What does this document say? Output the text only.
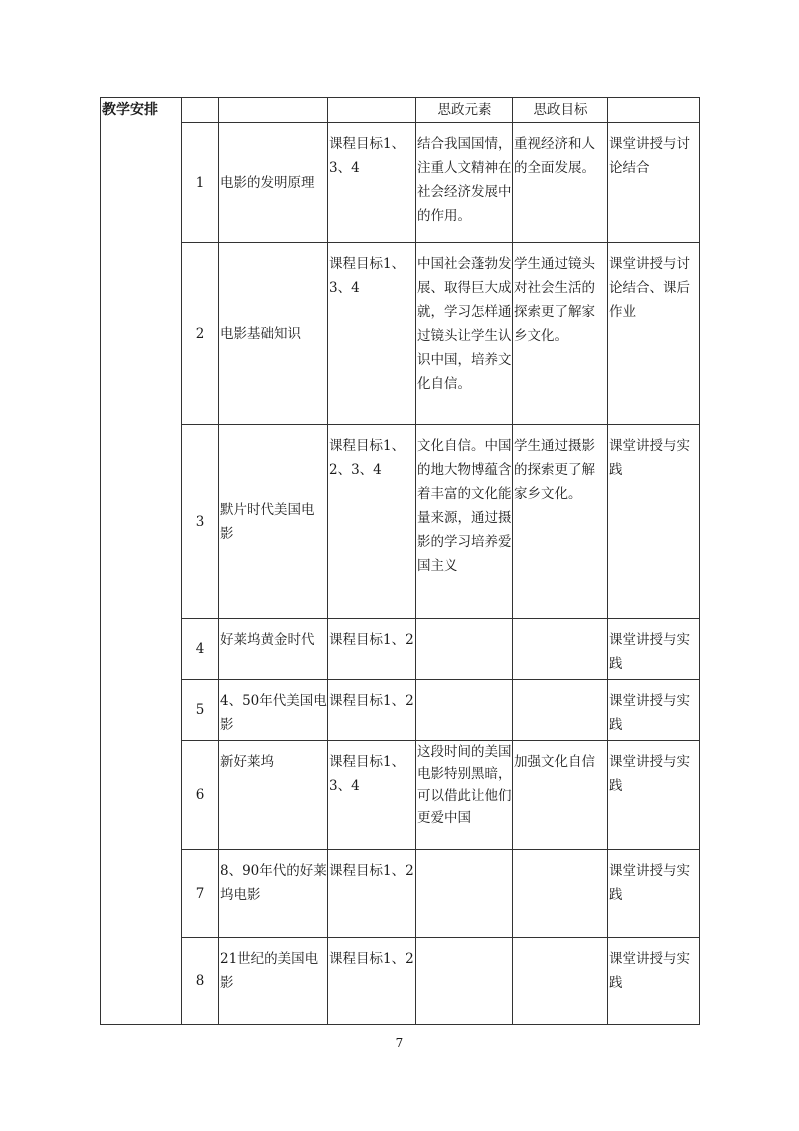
教学安排				思政元素	思政目标	
	1	电影的发明原理	课程目标1、3、4	结合我国国情，注重人文精神在社会经济发展中的作用。	重视经济和人的全面发展。	课堂讲授与讨论结合
	2	电影基础知识	课程目标1、3、4	中国社会蓬勃发展、取得巨大成就，学习怎样通过镜头让学生认识中国，培养文化自信。	学生通过镜头对社会生活的探索更了解家乡文化。	课堂讲授与讨论结合、课后作业
	3	默片时代美国电影	课程目标1、2、3、4	文化自信。中国的地大物博蕴含着丰富的文化能量来源，通过摄影的学习培养爱国主义	学生通过摄影的探索更了解家乡文化。	课堂讲授与实践
	4	好莱坞黄金时代	课程目标1、2			课堂讲授与实践
	5	4、50年代美国电影	课程目标1、2			课堂讲授与实践
	6	新好莱坞	课程目标1、3、4	这段时间的美国电影特别黑暗，可以借此让他们更爱中国	加强文化自信	课堂讲授与实践
	7	8、90年代的好莱坞电影	课程目标1、2			课堂讲授与实践
	8	21世纪的美国电影	课程目标1、2			课堂讲授与实践
7
